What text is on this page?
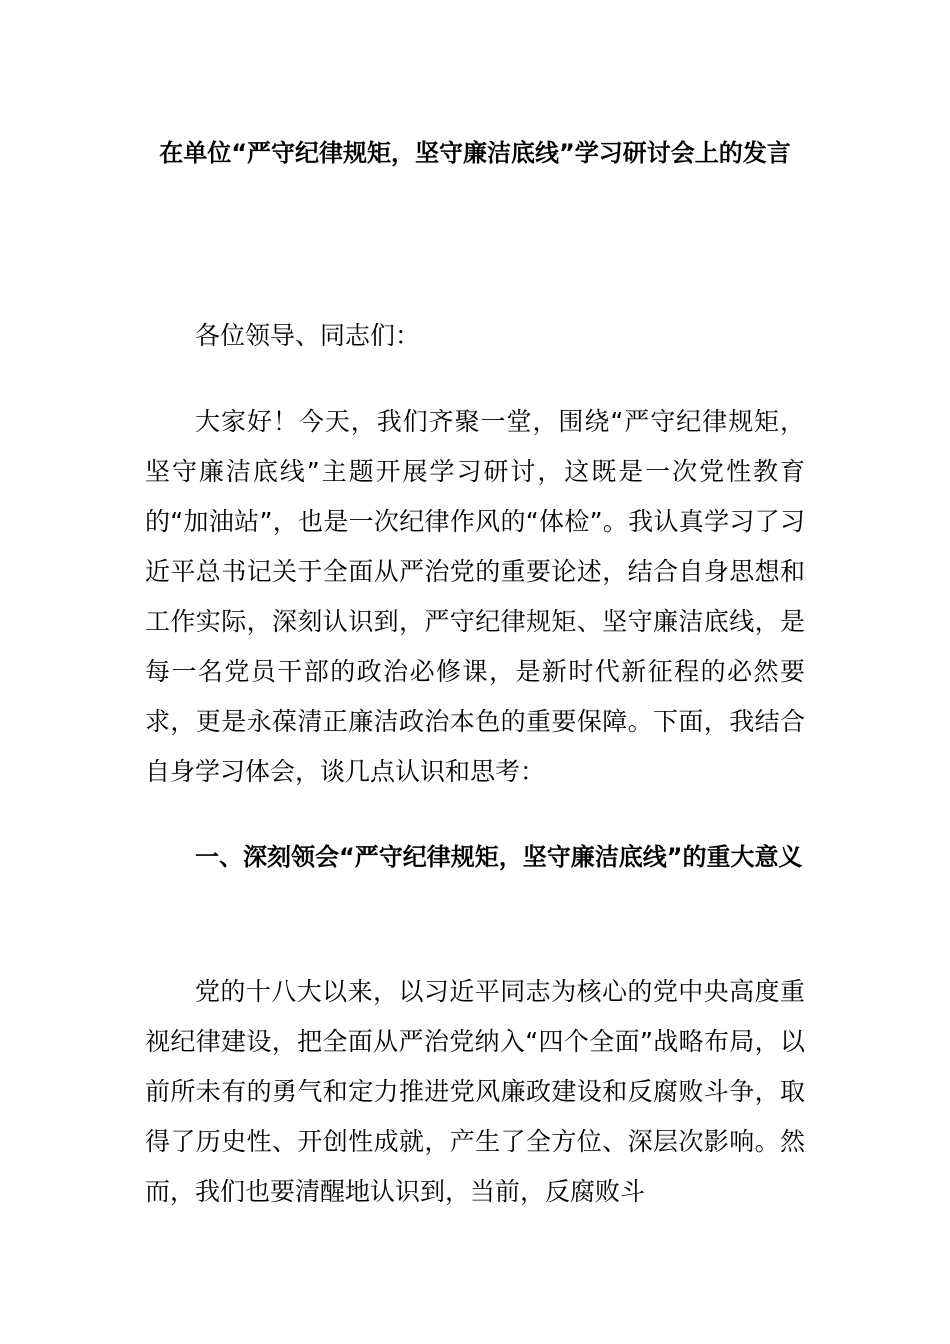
在单位“严守纪律规矩，坚守廉洁底线”学习研讨会上的发言

各位领导、同志们：

大家好！今天，我们齐聚一堂，围绕“严守纪律规矩，坚守廉洁底线”主题开展学习研讨，这既是一次党性教育的“加油站”，也是一次纪律作风的“体检”。我认真学习了习近平总书记关于全面从严治党的重要论述，结合自身思想和工作实际，深刻认识到，严守纪律规矩、坚守廉洁底线，是每一名党员干部的政治必修课，是新时代新征程的必然要求，更是永葆清正廉洁政治本色的重要保障。下面，我结合自身学习体会，谈几点认识和思考：

一、深刻领会“严守纪律规矩，坚守廉洁底线”的重大意义

党的十八大以来，以习近平同志为核心的党中央高度重视纪律建设，把全面从严治党纳入“四个全面”战略布局，以前所未有的勇气和定力推进党风廉政建设和反腐败斗争，取得了历史性、开创性成就，产生了全方位、深层次影响。然而，我们也要清醒地认识到，当前，反腐败斗
